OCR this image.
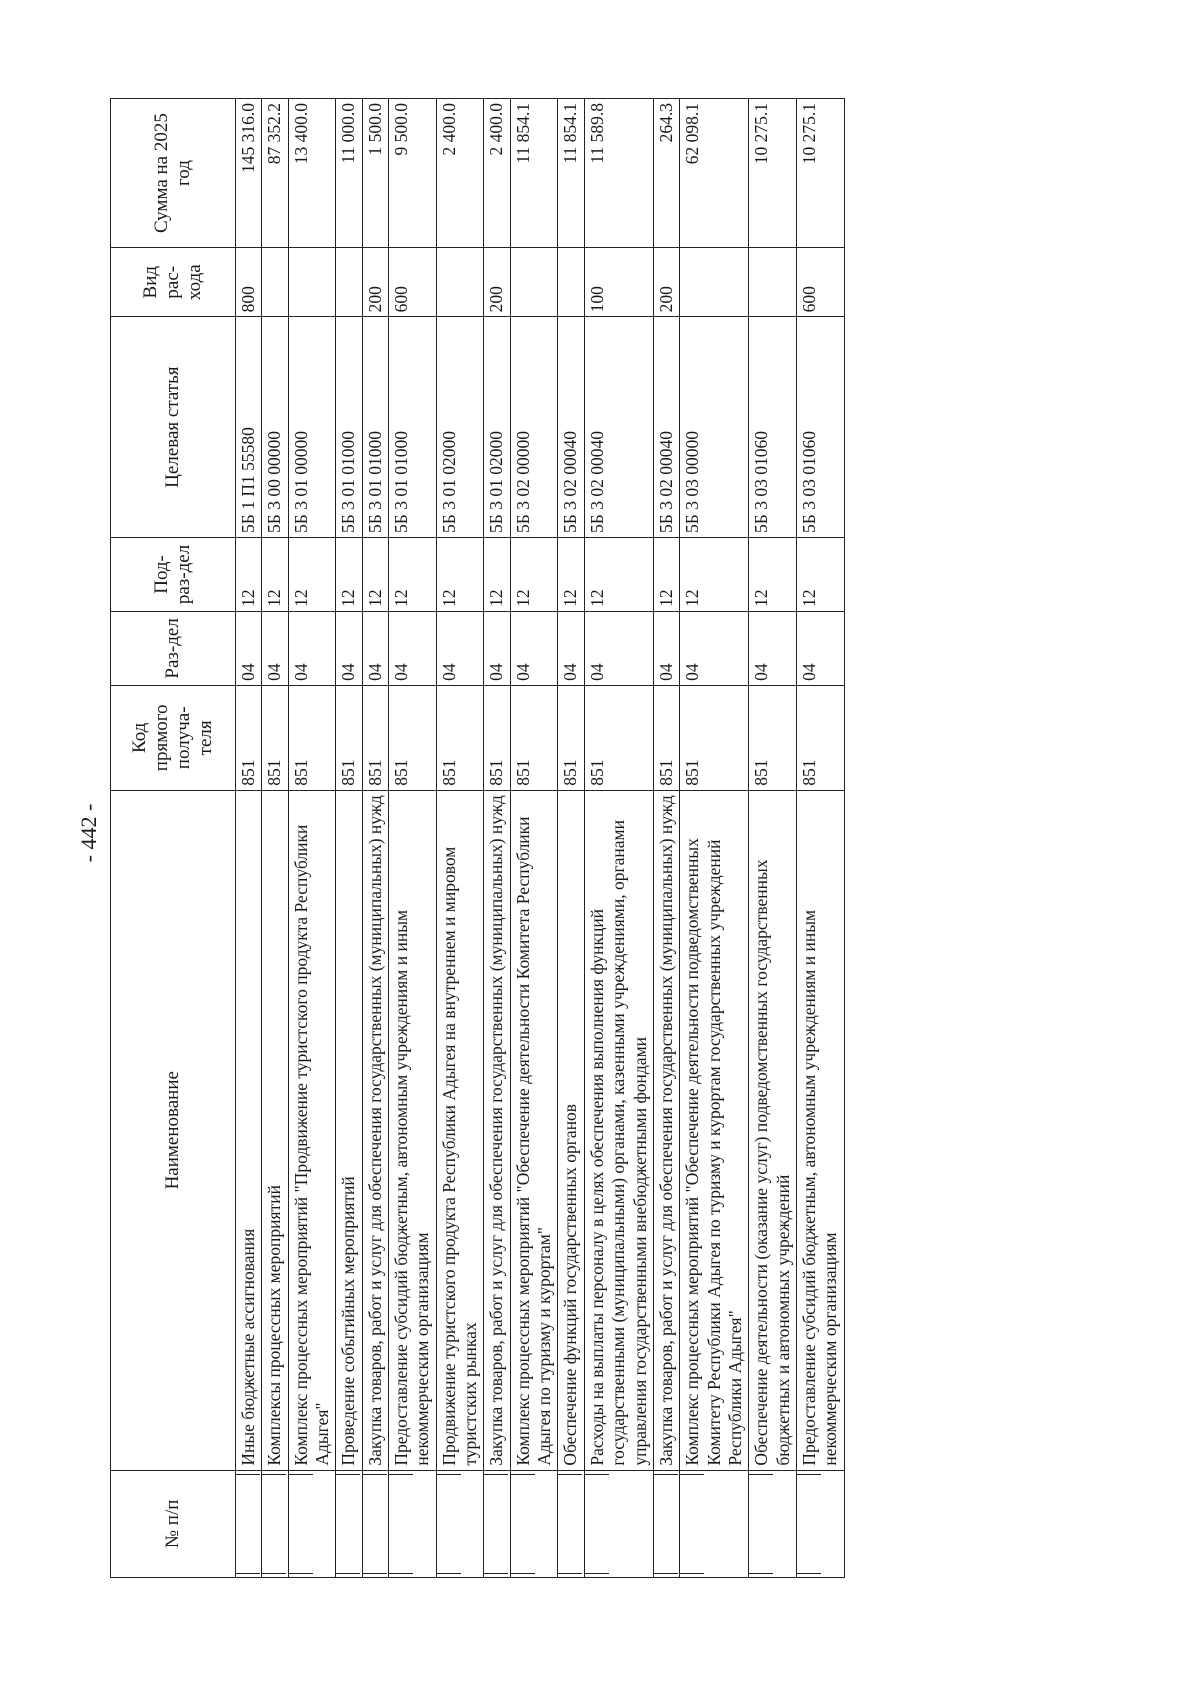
- 442 -
№ п/п	Наименование	Код прямого получа-теля	Раз-дел	Под-раз-дел	Целевая статья	Вид рас-хода	Сумма на 2025 год

	Иные бюджетные ассигнования	851	04	12	5Б 1 П1 55580	800	145 316.0

	Комплексы процессных мероприятий	851	04	12	5Б 3 00 00000		87 352.2

	Комплекс процессных мероприятий "Продвижение туристского продукта Республики Адыгея"	851	04	12	5Б 3 01 00000		13 400.0

	Проведение событийных мероприятий	851	04	12	5Б 3 01 01000		11 000.0

	Закупка товаров, работ и услуг для обеспечения государственных (муниципальных) нужд	851	04	12	5Б 3 01 01000	200	1 500.0

	Предоставление субсидий бюджетным, автономным учреждениям и иным некоммерческим организациям	851	04	12	5Б 3 01 01000	600	9 500.0

	Продвижение туристского продукта Республики Адыгея на внутреннем и мировом туристских рынках	851	04	12	5Б 3 01 02000		2 400.0

	Закупка товаров, работ и услуг для обеспечения государственных (муниципальных) нужд	851	04	12	5Б 3 01 02000	200	2 400.0

	Комплекс процессных мероприятий "Обеспечение деятельности Комитета Республики Адыгея по туризму и курортам"	851	04	12	5Б 3 02 00000		11 854.1

	Обеспечение функций государственных органов	851	04	12	5Б 3 02 00040		11 854.1

	Расходы на выплаты персоналу в целях обеспечения выполнения функций государственными (муниципальными) органами, казенными учреждениями, органами управления государственными внебюджетными фондами	851	04	12	5Б 3 02 00040	100	11 589.8

	Закупка товаров, работ и услуг для обеспечения государственных (муниципальных) нужд	851	04	12	5Б 3 02 00040	200	264.3

	Комплекс процессных мероприятий "Обеспечение деятельности подведомственных Комитету Республики Адыгея по туризму и курортам государственных учреждений Республики Адыгея"	851	04	12	5Б 3 03 00000		62 098.1

	Обеспечение деятельности (оказание услуг) подведомственных государственных бюджетных и автономных учреждений	851	04	12	5Б 3 03 01060		10 275.1

	Предоставление субсидий бюджетным, автономным учреждениям и иным некоммерческим организациям	851	04	12	5Б 3 03 01060	600	10 275.1
